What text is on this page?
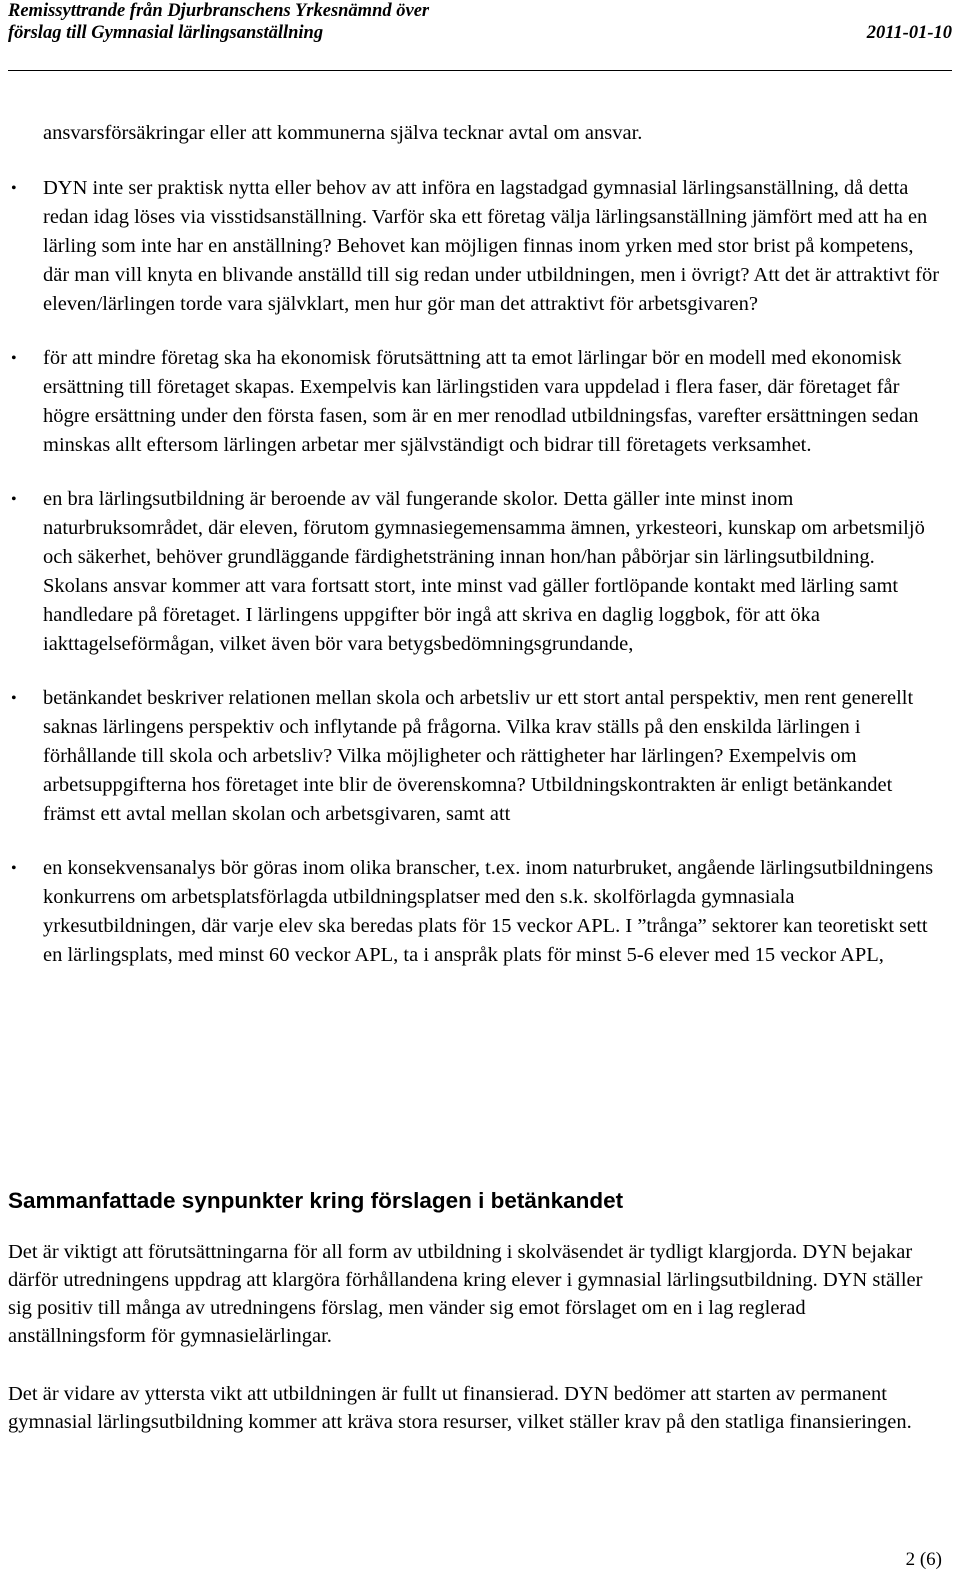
Remissyttrande från Djurbranschens Yrkesnämnd över
förslag till Gymnasial lärlingsanställning	2011-01-10

ansvarsförsäkringar eller att kommunerna själva tecknar avtal om ansvar.

• DYN inte ser praktisk nytta eller behov av att införa en lagstadgad gymnasial lärlingsanställning, då detta redan idag löses via visstidsanställning. Varför ska ett företag välja lärlingsanställning jämfört med att ha en lärling som inte har en anställning? Behovet kan möjligen finnas inom yrken med stor brist på kompetens, där man vill knyta en blivande anställd till sig redan under utbildningen, men i övrigt? Att det är attraktivt för eleven/lärlingen torde vara självklart, men hur gör man det attraktivt för arbetsgivaren?
• för att mindre företag ska ha ekonomisk förutsättning att ta emot lärlingar bör en modell med ekonomisk ersättning till företaget skapas. Exempelvis kan lärlingstiden vara uppdelad i flera faser, där företaget får högre ersättning under den första fasen, som är en mer renodlad utbildningsfas, varefter ersättningen sedan minskas allt eftersom lärlingen arbetar mer självständigt och bidrar till företagets verksamhet.
• en bra lärlingsutbildning är beroende av väl fungerande skolor. Detta gäller inte minst inom naturbruksområdet, där eleven, förutom gymnasiegemensamma ämnen, yrkesteori, kunskap om arbetsmiljö och säkerhet, behöver grundläggande färdighetsträning innan hon/han påbörjar sin lärlingsutbildning. Skolans ansvar kommer att vara fortsatt stort, inte minst vad gäller fortlöpande kontakt med lärling samt handledare på företaget. I lärlingens uppgifter bör ingå att skriva en daglig loggbok, för att öka iakttagelseförmågan, vilket även bör vara betygsbedömningsgrundande,
• betänkandet beskriver relationen mellan skola och arbetsliv ur ett stort antal perspektiv, men rent generellt saknas lärlingens perspektiv och inflytande på frågorna. Vilka krav ställs på den enskilda lärlingen i förhållande till skola och arbetsliv? Vilka möjligheter och rättigheter har lärlingen? Exempelvis om arbetsuppgifterna hos företaget inte blir de överenskomna? Utbildningskontrakten är enligt betänkandet främst ett avtal mellan skolan och arbetsgivaren, samt att
• en konsekvensanalys bör göras inom olika branscher, t.ex. inom naturbruket, angående lärlingsutbildningens konkurrens om arbetsplatsförlagda utbildningsplatser med den s.k. skolförlagda gymnasiala yrkesutbildningen, där varje elev ska beredas plats för 15 veckor APL. I ”trånga” sektorer kan teoretiskt sett en lärlingsplats, med minst 60 veckor APL, ta i anspråk plats för minst 5-6 elever med 15 veckor APL,
Sammanfattade synpunkter kring förslagen i betänkandet

Det är viktigt att förutsättningarna för all form av utbildning i skolväsendet är tydligt klargjorda. DYN bejakar därför utredningens uppdrag att klargöra förhållandena kring elever i gymnasial lärlingsutbildning. DYN ställer sig positiv till många av utredningens förslag, men vänder sig emot förslaget om en i lag reglerad anställningsform för gymnasielärlingar.

Det är vidare av yttersta vikt att utbildningen är fullt ut finansierad. DYN bedömer att starten av permanent gymnasial lärlingsutbildning kommer att kräva stora resurser, vilket ställer krav på den statliga finansieringen.

2 (6)
